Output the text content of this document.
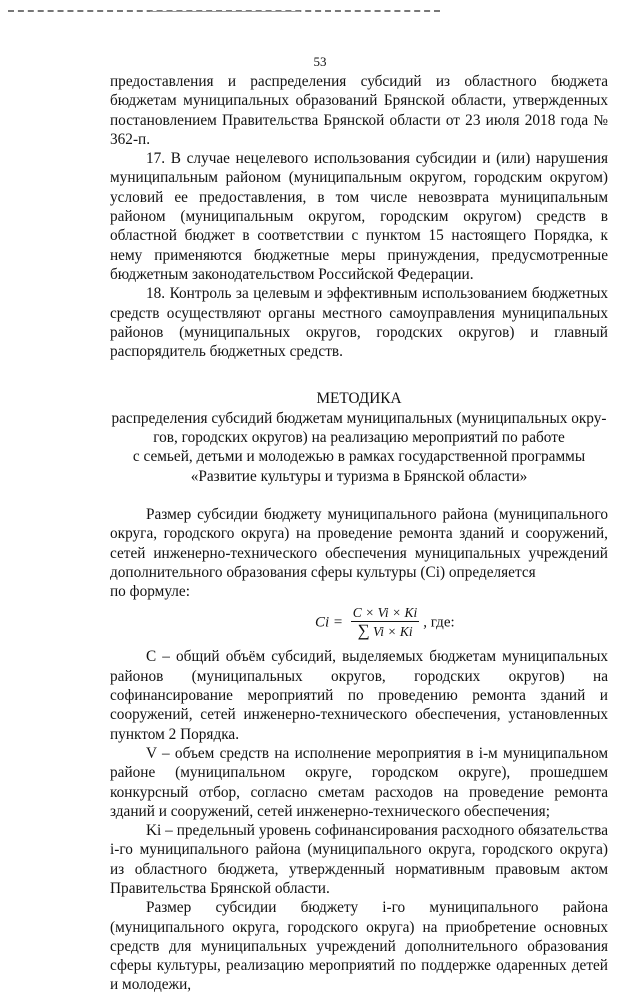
53

предоставления и распределения субсидий из областного бюджета бюджетам муниципальных образований Брянской области, утвержденных постановлением Правительства Брянской области от 23 июля 2018 года № 362-п.

17. В случае нецелевого использования субсидии и (или) нарушения муниципальным районом (муниципальным округом, городским округом) условий ее предоставления, в том числе невозврата муниципальным районом (муниципальным округом, городским округом) средств в областной бюджет в соответствии с пунктом 15 настоящего Порядка, к нему применяются бюджетные меры принуждения, предусмотренные бюджетным законодательством Российской Федерации.

18. Контроль за целевым и эффективным использованием бюджетных средств осуществляют органы местного самоуправления муниципальных районов (муниципальных округов, городских округов) и главный распорядитель бюджетных средств.

МЕТОДИКА
распределения субсидий бюджетам муниципальных (муниципальных окру-
гов, городских округов) на реализацию мероприятий по работе
с семьей, детьми и молодежью в рамках государственной программы
«Развитие культуры и туризма в Брянской области»

Размер субсидии бюджету муниципального района (муниципального округа, городского округа) на проведение ремонта зданий и сооружений, сетей инженерно-технического обеспечения муниципальных учреждений дополнительного образования сферы культуры (Ci) определяется

по формуле:

$Ci = \frac{C \times Vi \times Ki}{\sum Vi \times Ki}$ , где:

С – общий объём субсидий, выделяемых бюджетам муниципальных районов (муниципальных округов, городских округов) на софинансирование мероприятий по проведению ремонта зданий и сооружений, сетей инженерно-технического обеспечения, установленных пунктом 2 Порядка.

V – объем средств на исполнение мероприятия в i-м муниципальном районе (муниципальном округе, городском округе), прошедшем конкурсный отбор, согласно сметам расходов на проведение ремонта зданий и сооружений, сетей инженерно-технического обеспечения;

Ki – предельный уровень софинансирования расходного обязательства i-го муниципального района (муниципального округа, городского округа) из областного бюджета, утвержденный нормативным правовым актом Правительства Брянской области.

Размер субсидии бюджету i-го муниципального района (муниципального округа, городского округа) на приобретение основных средств для муниципальных учреждений дополнительного образования сферы культуры, реализацию мероприятий по поддержке одаренных детей и молодежи,
